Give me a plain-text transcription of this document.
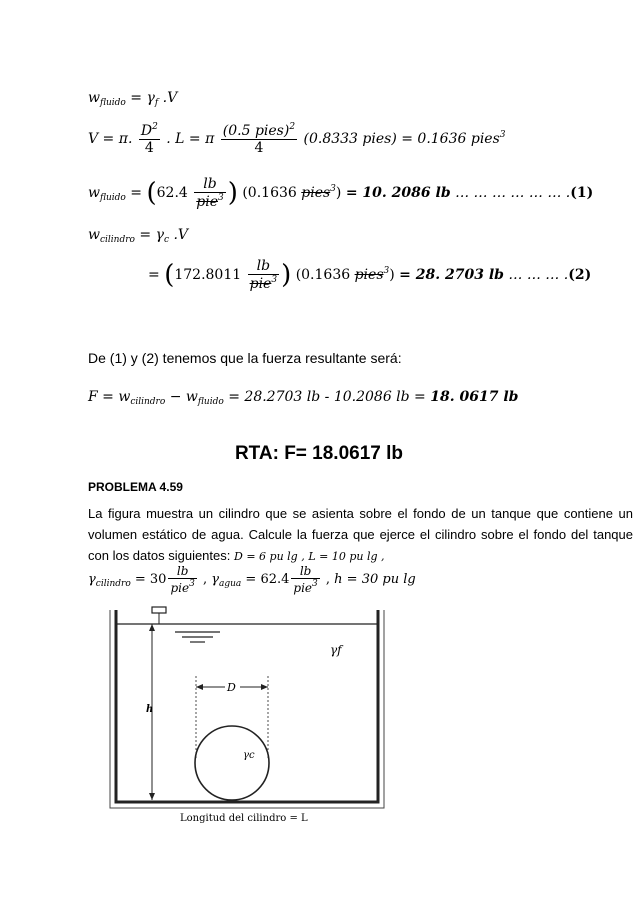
$w_{fluido} = \gamma_f$ .V
V = π. $\frac{D^2}{4}$ . L = π $\frac{(0.5 pies)^2}{4} (0.8333$ pies) = 0.1636 pies$^3$
$w_{fluido} = (62.4 \frac{lb}{pie^3}$ ) (0.1636 pies$^3$) = 10. 2086 lb … … … … … … .(1)
$w_{cilindro} = \gamma_c$ .V
= ($172.8011 \frac{lb}{pie^3}$ ) (0.1636 pies$^3$) = 28. 2703 lb … … … .(2)
De (1) y (2) tenemos que la fuerza resultante será:
$F = w_{cilindro} - w_{fluido} = 28.2703$ lb - 10.2086 lb = 18. 0617 lb
RTA: F= 18.0617 lb
PROBLEMA 4.59
La figura muestra un cilindro que se asienta sobre el fondo de un tanque que contiene un volumen estático de agua. Calcule la fuerza que ejerce el cilindro sobre el fondo del tanque con los datos siguientes: D = 6 pu lg , L = 10 pu lg ,
$\gamma_{cilindro} = 30 \frac{lb}{pie^3}$ , $\gamma_{agua} = 62.4 \frac{lb}{pie^3}$ , h = 30 pu lg
h
D
γc
γf
Longitud del cilindro = L
